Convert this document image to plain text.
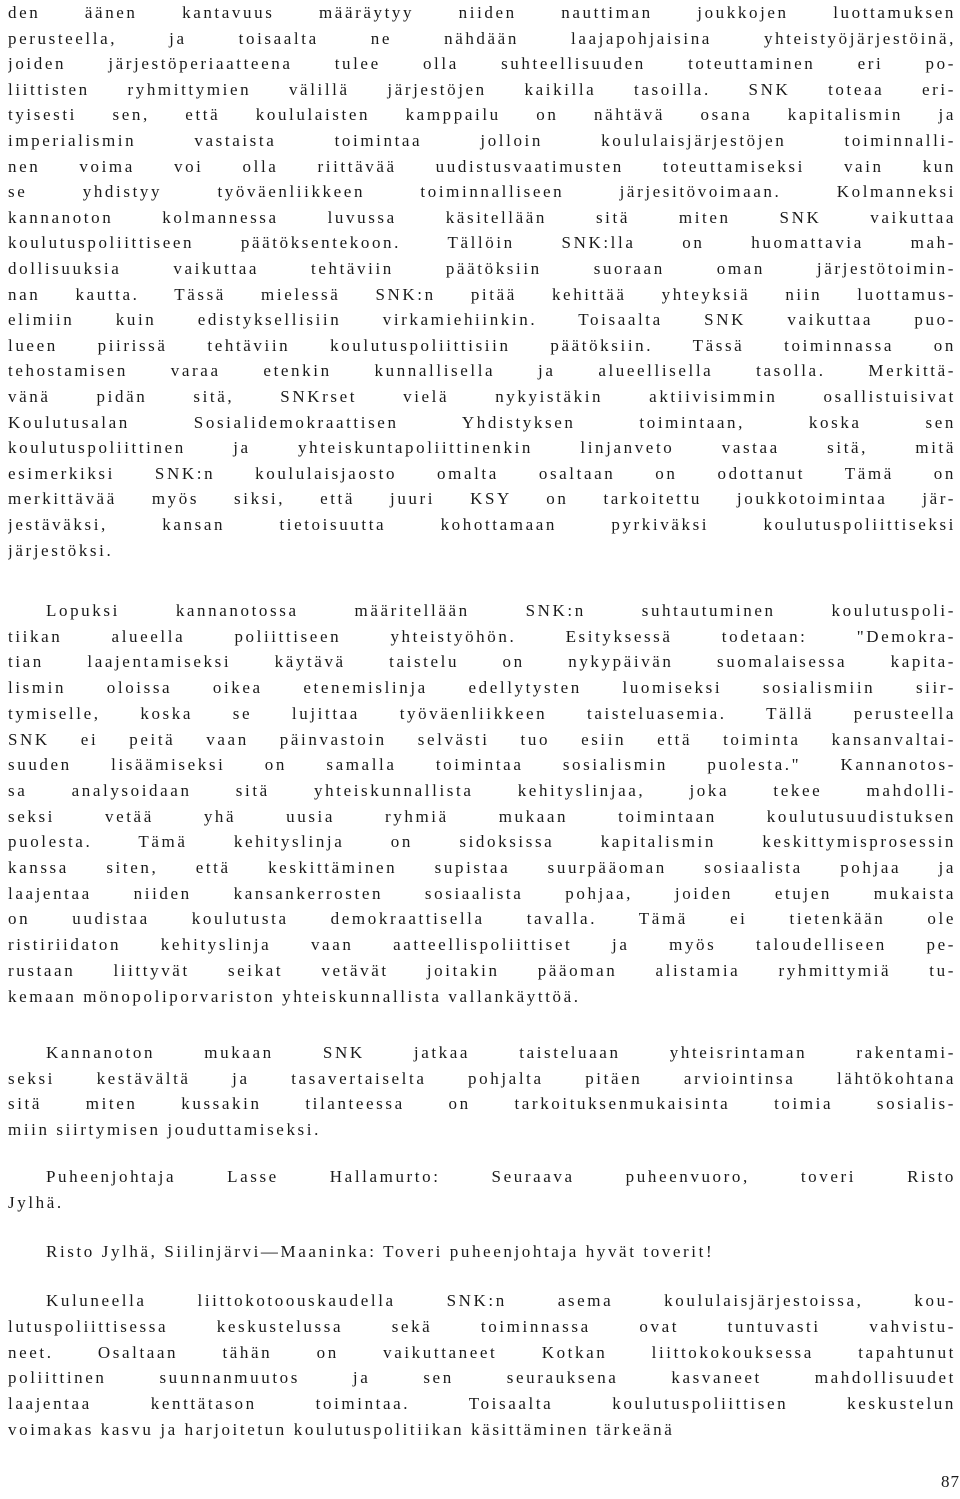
den äänen kantavuus määräytyy niiden nauttiman joukkojen luottamuksen
perusteella, ja toisaalta ne nähdään laajapohjaisina yhteistyöjärjestöinä,
joiden järjestöperiaatteena tulee olla suhteellisuuden toteuttaminen eri po-
liittisten ryhmittymien välillä järjestöjen kaikilla tasoilla. SNK toteaa eri-
tyisesti sen, että koululaisten kamppailu on nähtävä osana kapitalismin ja
imperialismin vastaista toimintaa jolloin koululaisjärjestöjen toiminnalli-
nen voima voi olla riittävää uudistusvaatimusten toteuttamiseksi vain kun
se yhdistyy työväenliikkeen toiminnalliseen järjesitövoimaan. Kolmanneksi
kannanoton kolmannessa luvussa käsitellään sitä miten SNK vaikuttaa
koulutuspoliittiseen päätöksentekoon. Tällöin SNK:lla on huomattavia mah-
dollisuuksia vaikuttaa tehtäviin päätöksiin suoraan oman järjestötoimin-
nan kautta. Tässä mielessä SNK:n pitää kehittää yhteyksiä niin luottamus-
elimiin kuin edistyksellisiin virkamiehiinkin. Toisaalta SNK vaikuttaa puo-
lueen piirissä tehtäviin koulutuspoliittisiin päätöksiin. Tässä toiminnassa on
tehostamisen varaa etenkin kunnallisella ja alueellisella tasolla. Merkittä-
vänä pidän sitä, SNKrset vielä nykyistäkin aktiivisimmin osallistuisivat
Koulutusalan Sosialidemokraattisen Yhdistyksen toimintaan, koska sen
koulutuspoliittinen ja yhteiskuntapoliittinenkin linjanveto vastaa sitä, mitä
esimerkiksi SNK:n koululaisjaosto omalta osaltaan on odottanut Tämä on
merkittävää myös siksi, että juuri KSY on tarkoitettu joukkotoimintaa jär-
jestäväksi, kansan tietoisuutta kohottamaan pyrkiväksi koulutuspoliittiseksi
järjestöksi.
Lopuksi kannanotossa määritellään SNK:n suhtautuminen koulutuspoli-
tiikan alueella poliittiseen yhteistyöhön. Esityksessä todetaan: "Demokra-
tian laajentamiseksi käytävä taistelu on nykypäivän suomalaisessa kapita-
lismin oloissa oikea etenemislinja edellytysten luomiseksi sosialismiin siir-
tymiselle, koska se lujittaa työväenliikkeen taisteluasemia. Tällä perusteella
SNK ei peitä vaan päinvastoin selvästi tuo esiin että toiminta kansanvaltai-
suuden lisäämiseksi on samalla toimintaa sosialismin puolesta." Kannanotos-
sa analysoidaan sitä yhteiskunnallista kehityslinjaa, joka tekee mahdolli-
seksi vetää yhä uusia ryhmiä mukaan toimintaan koulutusuudistuksen
puolesta. Tämä kehityslinja on sidoksissa kapitalismin keskittymisprosessin
kanssa siten, että keskittäminen supistaa suurpääoman sosiaalista pohjaa ja
laajentaa niiden kansankerrosten sosiaalista pohjaa, joiden etujen mukaista
on uudistaa koulutusta demokraattisella tavalla. Tämä ei tietenkään ole
ristiriidaton kehityslinja vaan aatteellispoliittiset ja myös taloudelliseen pe-
rustaan liittyvät seikat vetävät joitakin pääoman alistamia ryhmittymiä tu-
kemaan mönopoliporvariston yhteiskunnallista vallankäyttöä.
Kannanoton mukaan SNK jatkaa taisteluaan yhteisrintaman rakentami-
seksi kestävältä ja tasavertaiselta pohjalta pitäen arviointinsa lähtökohtana
sitä miten kussakin tilanteessa on tarkoituksenmukaisinta toimia sosialis-
miin siirtymisen jouduttamiseksi.
Puheenjohtaja Lasse Hallamurto: Seuraava puheenvuoro, toveri Risto
Jylhä.
Risto Jylhä, Siilinjärvi—Maaninka: Toveri puheenjohtaja hyvät toverit!
Kuluneella liittokotoouskaudella SNK:n asema koululaisjärjestoissa, kou-
lutuspoliittisessa keskustelussa sekä toiminnassa ovat tuntuvasti vahvistu-
neet. Osaltaan tähän on vaikuttaneet Kotkan liittokokouksessa tapahtunut
poliittinen suunnanmuutos ja sen seurauksena kasvaneet mahdollisuudet
laajentaa kenttätason toimintaa. Toisaalta koulutuspoliittisen keskustelun
voimakas kasvu ja harjoitetun koulutuspolitiikan käsittäminen tärkeänä
87
